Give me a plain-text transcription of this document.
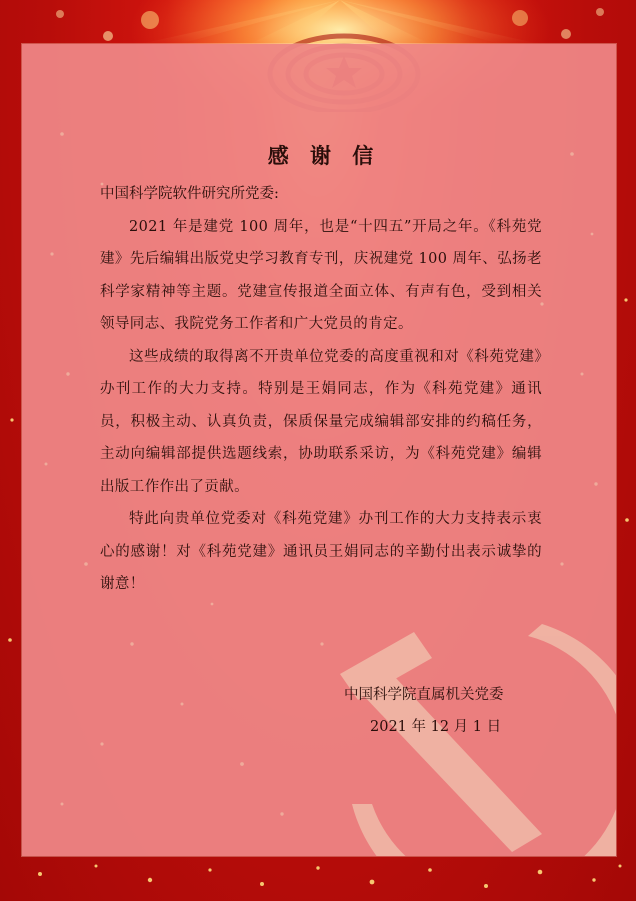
感 谢 信

中国科学院软件研究所党委:

2021 年是建党 100 周年，也是“十四五”开局之年。《科苑党建》先后编辑出版党史学习教育专刊，庆祝建党 100 周年、弘扬老科学家精神等主题。党建宣传报道全面立体、有声有色，受到相关领导同志、我院党务工作者和广大党员的肯定。

这些成绩的取得离不开贵单位党委的高度重视和对《科苑党建》办刊工作的大力支持。特别是王娟同志，作为《科苑党建》通讯员，积极主动、认真负责，保质保量完成编辑部安排的约稿任务，主动向编辑部提供选题线索，协助联系采访，为《科苑党建》编辑出版工作作出了贡献。

特此向贵单位党委对《科苑党建》办刊工作的大力支持表示衷心的感谢！对《科苑党建》通讯员王娟同志的辛勤付出表示诚挚的谢意！

中国科学院直属机关党委
2021 年 12 月 1 日
